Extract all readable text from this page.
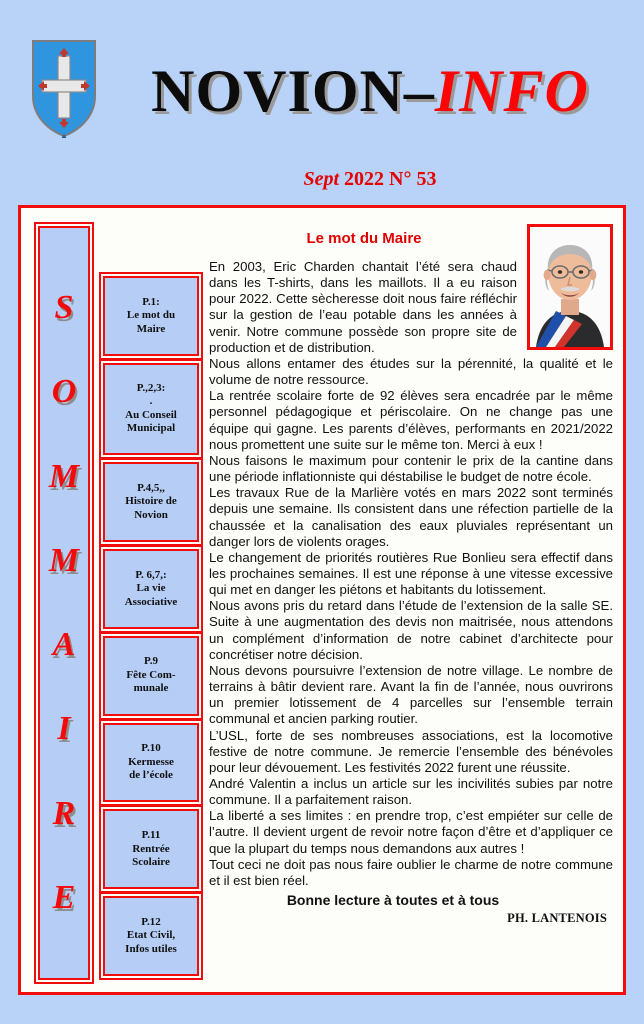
NOVION–INFO
Sept 2022 N° 53
S
O
M
M
A
I
R
E
P.1:
Le mot du
Maire
P.,2,3:
.
Au Conseil
Municipal
P.4,5,,
Histoire de
Novion
P. 6,7,:
La vie
Associative
P.9
Fête Com-
munale
P.10
Kermesse
de l’école
P.11
Rentrée
Scolaire
P.12
Etat Civil,
Infos utiles
Le mot du Maire

En 2003, Eric Charden chantait l’été sera chaud dans les T-shirts, dans les maillots. Il a eu raison pour 2022. Cette sècheresse doit nous faire réfléchir sur la gestion de l’eau potable dans les années à venir. Notre commune possède son propre site de production et de distribution.

Nous allons entamer des études sur la pérennité, la qualité et le volume de notre ressource.

La rentrée scolaire forte de 92 élèves sera encadrée par le même personnel pédagogique et périscolaire. On ne change pas une équipe qui gagne. Les parents d’élèves, performants en 2021/2022 nous promettent une suite sur le même ton. Merci à eux !

Nous faisons le maximum pour contenir le prix de la cantine dans une période inflationniste qui déstabilise le budget de notre école.

Les travaux Rue de la Marlière votés en mars 2022 sont terminés depuis une semaine. Ils consistent dans une réfection partielle de la chaussée et la canalisation des eaux pluviales représentant un danger lors de violents orages.

Le changement de priorités routières Rue Bonlieu sera effectif dans les prochaines semaines. Il est une réponse à une vitesse excessive qui met en danger les piétons et habitants du lotissement.

Nous avons pris du retard dans l’étude de l’extension de la salle SE. Suite à une augmentation des devis non maitrisée, nous attendons un complément d’information de notre cabinet d’architecte pour concrétiser notre décision.

Nous devons poursuivre l’extension de notre village. Le nombre de terrains à bâtir devient rare. Avant la fin de l’année, nous ouvrirons un premier lotissement de 4 parcelles sur l’ensemble terrain communal et ancien parking routier.

L’USL, forte de ses nombreuses associations, est la locomotive festive de notre commune. Je remercie l’ensemble des bénévoles pour leur dévouement. Les festivités 2022 furent une réussite.

André Valentin a inclus un article sur les incivilités subies par notre commune. Il a parfaitement raison.

La liberté a ses limites : en prendre trop, c’est empiéter sur celle de l’autre. Il devient urgent de revoir notre façon d’être et d’appliquer ce que la plupart du temps nous demandons aux autres !

Tout ceci ne doit pas nous faire oublier le charme de notre commune et il est bien réel.

Bonne lecture à toutes et à tous
PH. LANTENOIS
